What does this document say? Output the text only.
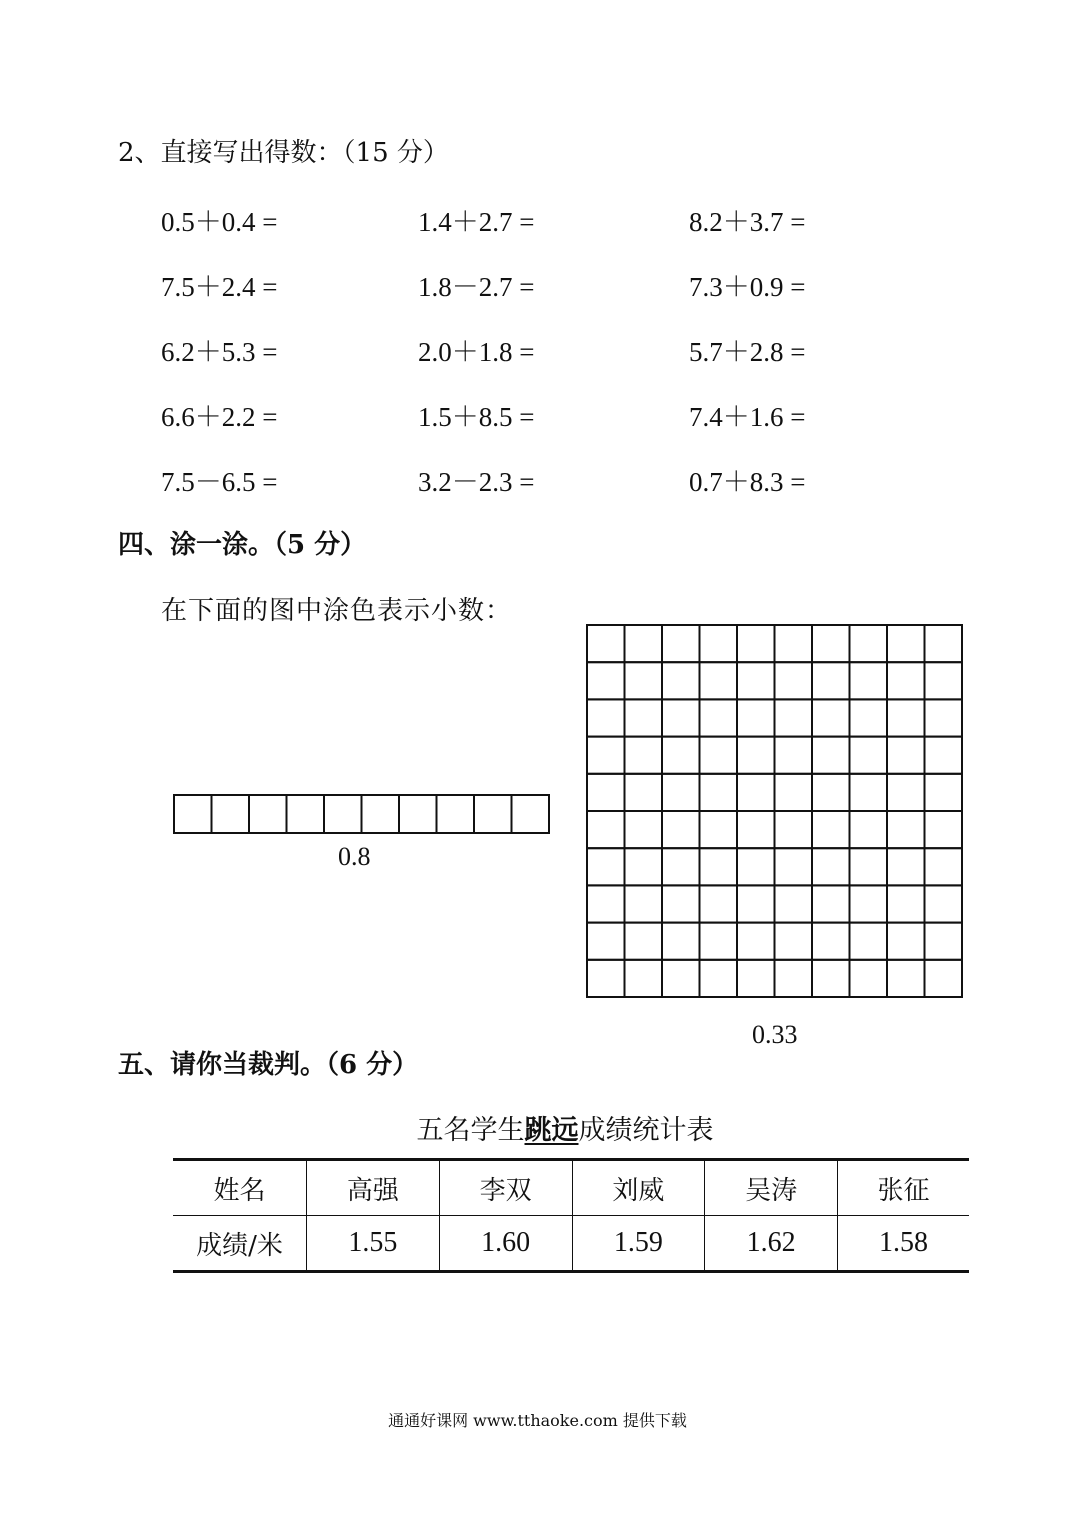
2、直接写出得数：（15 分）
0.5＋0.4 =	1.4＋2.7 =	8.2＋3.7 =
7.5＋2.4 =	1.8－2.7 =	7.3＋0.9 =
6.2＋5.3 =	2.0＋1.8 =	5.7＋2.8 =
6.6＋2.2 =	1.5＋8.5 =	7.4＋1.6 =
7.5－6.5 =	3.2－2.3 =	0.7＋8.3 =
四、涂一涂。（5 分）
在下面的图中涂色表示小数：
0.8
0.33
五、请你当裁判。（6 分）
五名学生跳远成绩统计表
姓名	高强	李双	刘威	吴涛	张征
成绩/米	1.55	1.60	1.59	1.62	1.58
通通好课网 www.tthaoke.com 提供下载
